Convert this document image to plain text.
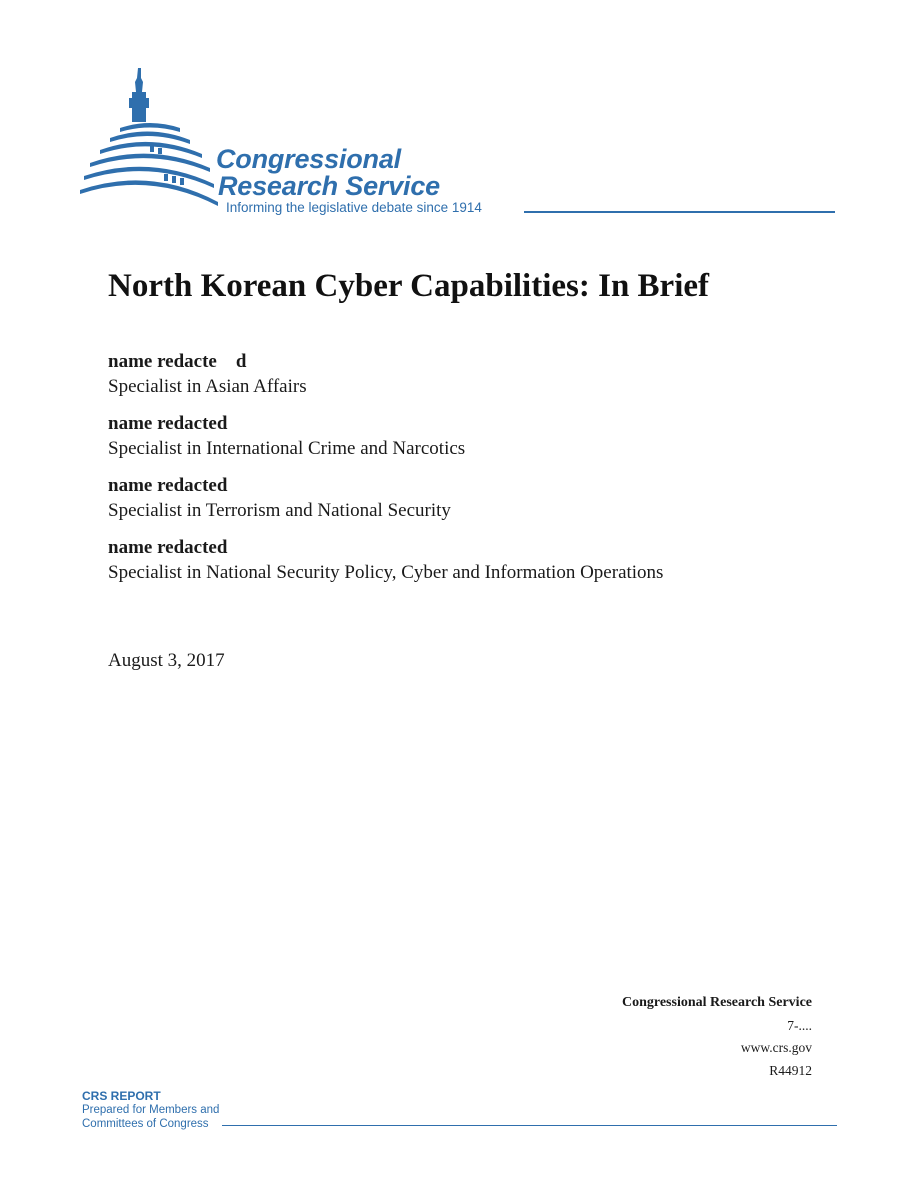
Congressional
Research Service
Informing the legislative debate since 1914
North Korean Cyber Capabilities: In Brief
name redacte    d
Specialist in Asian Affairs
name redacted
Specialist in International Crime and Narcotics
name redacted
Specialist in Terrorism and National Security
name redacted
Specialist in National Security Policy, Cyber and Information Operations
August 3, 2017
Congressional Research Service
7-....
www.crs.gov
R44912
CRS REPORT
Prepared for Members and
Committees of Congress
